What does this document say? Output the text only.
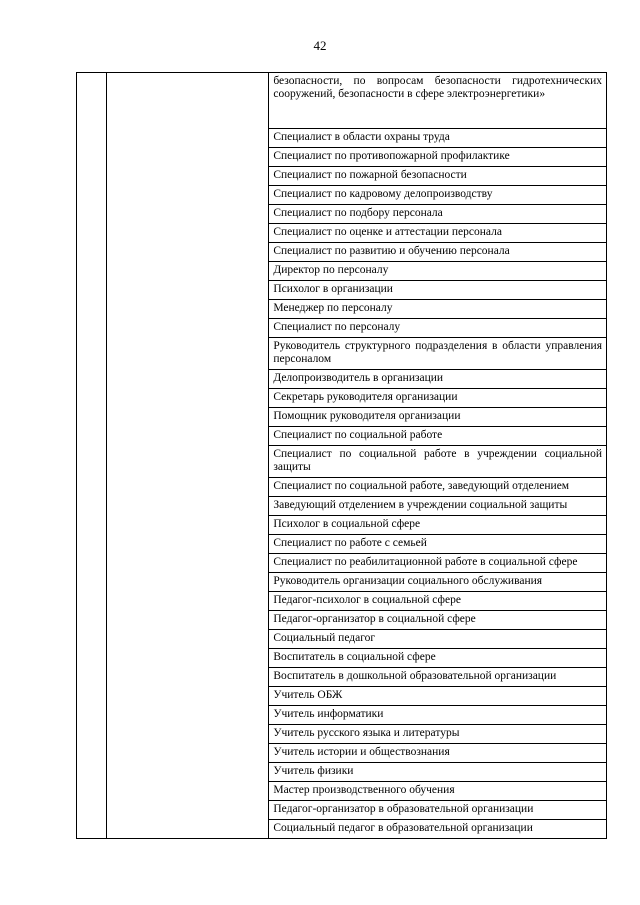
42

безопасности, по вопросам безопасности гидротехнических сооружений, безопасности в сфере электроэнергетики»

Специалист в области охраны труда

Специалист по противопожарной профилактике

Специалист по пожарной безопасности

Специалист по кадровому делопроизводству

Специалист по подбору персонала

Специалист по оценке и аттестации персонала

Специалист по развитию и обучению персонала

Директор по персоналу

Психолог в организации

Менеджер по персоналу

Специалист по персоналу

Руководитель структурного подразделения в области управления персоналом

Делопроизводитель в организации

Секретарь руководителя организации

Помощник руководителя организации

Специалист по социальной работе

Специалист по социальной работе в учреждении социальной защиты

Специалист по социальной работе, заведующий отделением

Заведующий отделением в учреждении социальной защиты

Психолог в социальной сфере

Специалист по работе с семьей

Специалист по реабилитационной работе в социальной сфере

Руководитель организации социального обслуживания

Педагог-психолог в социальной сфере

Педагог-организатор в социальной сфере

Социальный педагог

Воспитатель в социальной сфере

Воспитатель в дошкольной образовательной организации

Учитель ОБЖ

Учитель информатики

Учитель русского языка и литературы

Учитель истории и обществознания

Учитель физики

Мастер производственного обучения

Педагог-организатор в образовательной организации

Социальный педагог в образовательной организации
